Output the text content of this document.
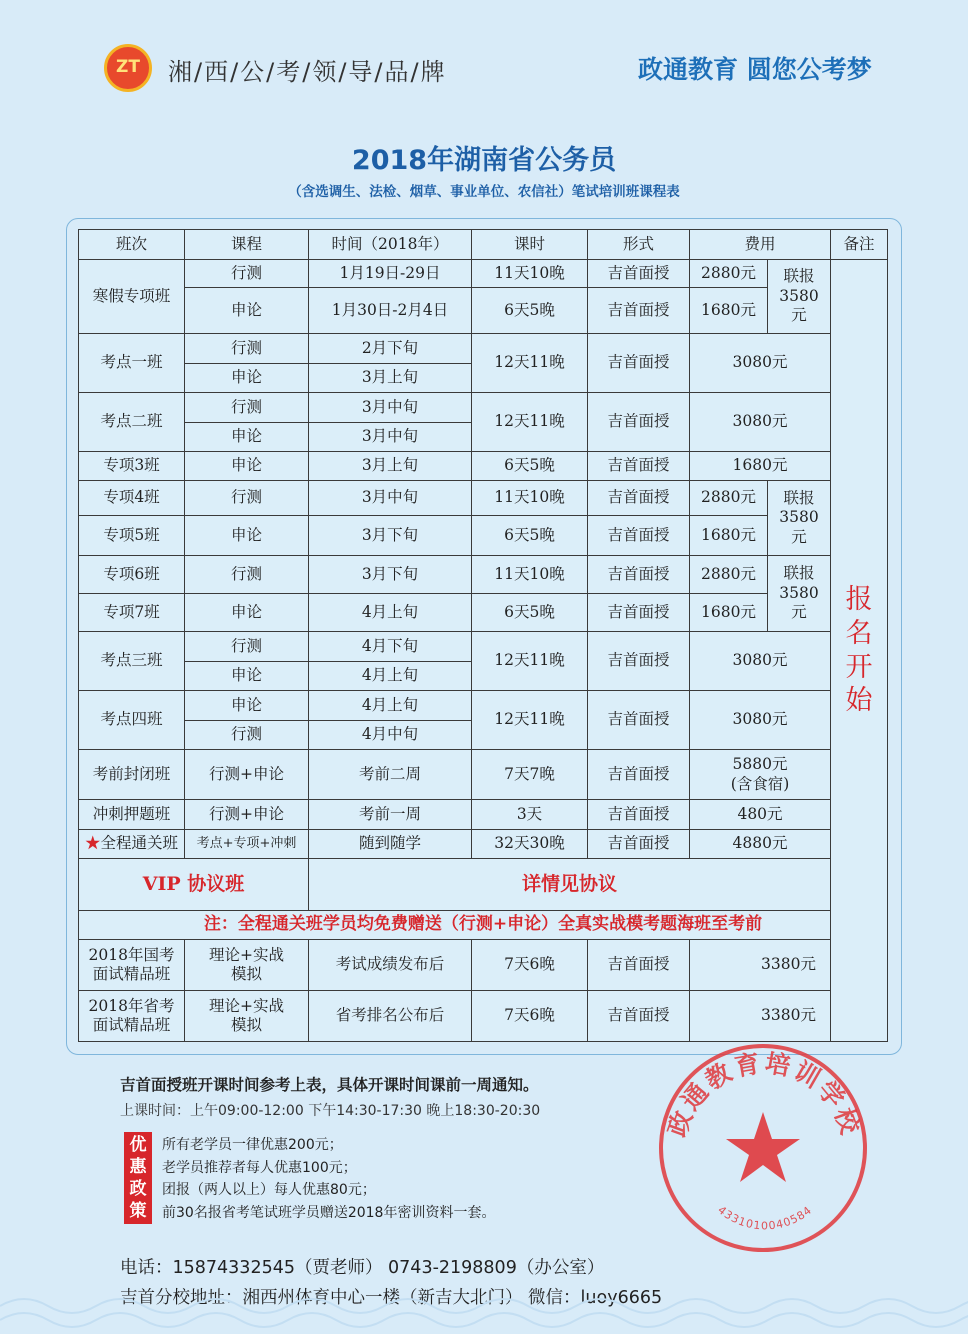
ZT	湘/西/公/考/领/导/品/牌	政通教育 圆您公考梦
2018年湖南省公务员
（含选调生、法检、烟草、事业单位、农信社）笔试培训班课程表
班次	课程	时间（2018年）	课时	形式	费用		备注
寒假专项班	行测	1月19日-29日	11天10晚	吉首面授	2880元	联报3580元	报名开始
	申论	1月30日-2月4日	6天5晚	吉首面授	1680元		
考点一班	行测	2月下旬	12天11晚	吉首面授	3080元		
	申论	3月上旬					
考点二班	行测	3月中旬	12天11晚	吉首面授	3080元		
	申论	3月中旬					
专项3班	申论	3月上旬	6天5晚	吉首面授	1680元		
专项4班	行测	3月中旬	11天10晚	吉首面授	2880元	联报3580元	
专项5班	申论	3月下旬	6天5晚	吉首面授	1680元		
专项6班	行测	3月下旬	11天10晚	吉首面授	2880元	联报3580元	
专项7班	申论	4月上旬	6天5晚	吉首面授	1680元		
考点三班	行测	4月下旬	12天11晚	吉首面授	3080元		
	申论	4月上旬					
考点四班	申论	4月上旬	12天11晚	吉首面授	3080元		
	行测	4月中旬					
考前封闭班	行测+申论	考前二周	7天7晚	吉首面授	5880元
(含食宿)		

冲刺押题班	行测+申论	考前一周	3天	吉首面授	480元		
★全程通关班	考点+专项+冲刺	随到随学	32天30晚	吉首面授	4880元		
VIP 协议班		详情见协议					
注：全程通关班学员均免费赠送（行测+申论）全真实战模考题海班至考前							
2018年国考面试精品班	理论+实战模拟	考试成绩发布后	7天6晚	吉首面授	3380元		
2018年省考面试精品班	理论+实战模拟	省考排名公布后	7天6晚	吉首面授	3380元		
吉首面授班开课时间参考上表，具体开课时间课前一周通知。
上课时间：上午09:00-12:00 下午14:30-17:30 晚上18:30-20:30
优惠政策
所有老学员一律优惠200元；
老学员推荐者每人优惠100元；
团报（两人以上）每人优惠80元；
前30名报省考笔试班学员赠送2018年密训资料一套。
电话：15874332545（贾老师） 0743-2198809（办公室）
吉首分校地址：湘西州体育中心一楼（新吉大北门） 微信：luoy6665
政通教育培训学校
4331010040584
